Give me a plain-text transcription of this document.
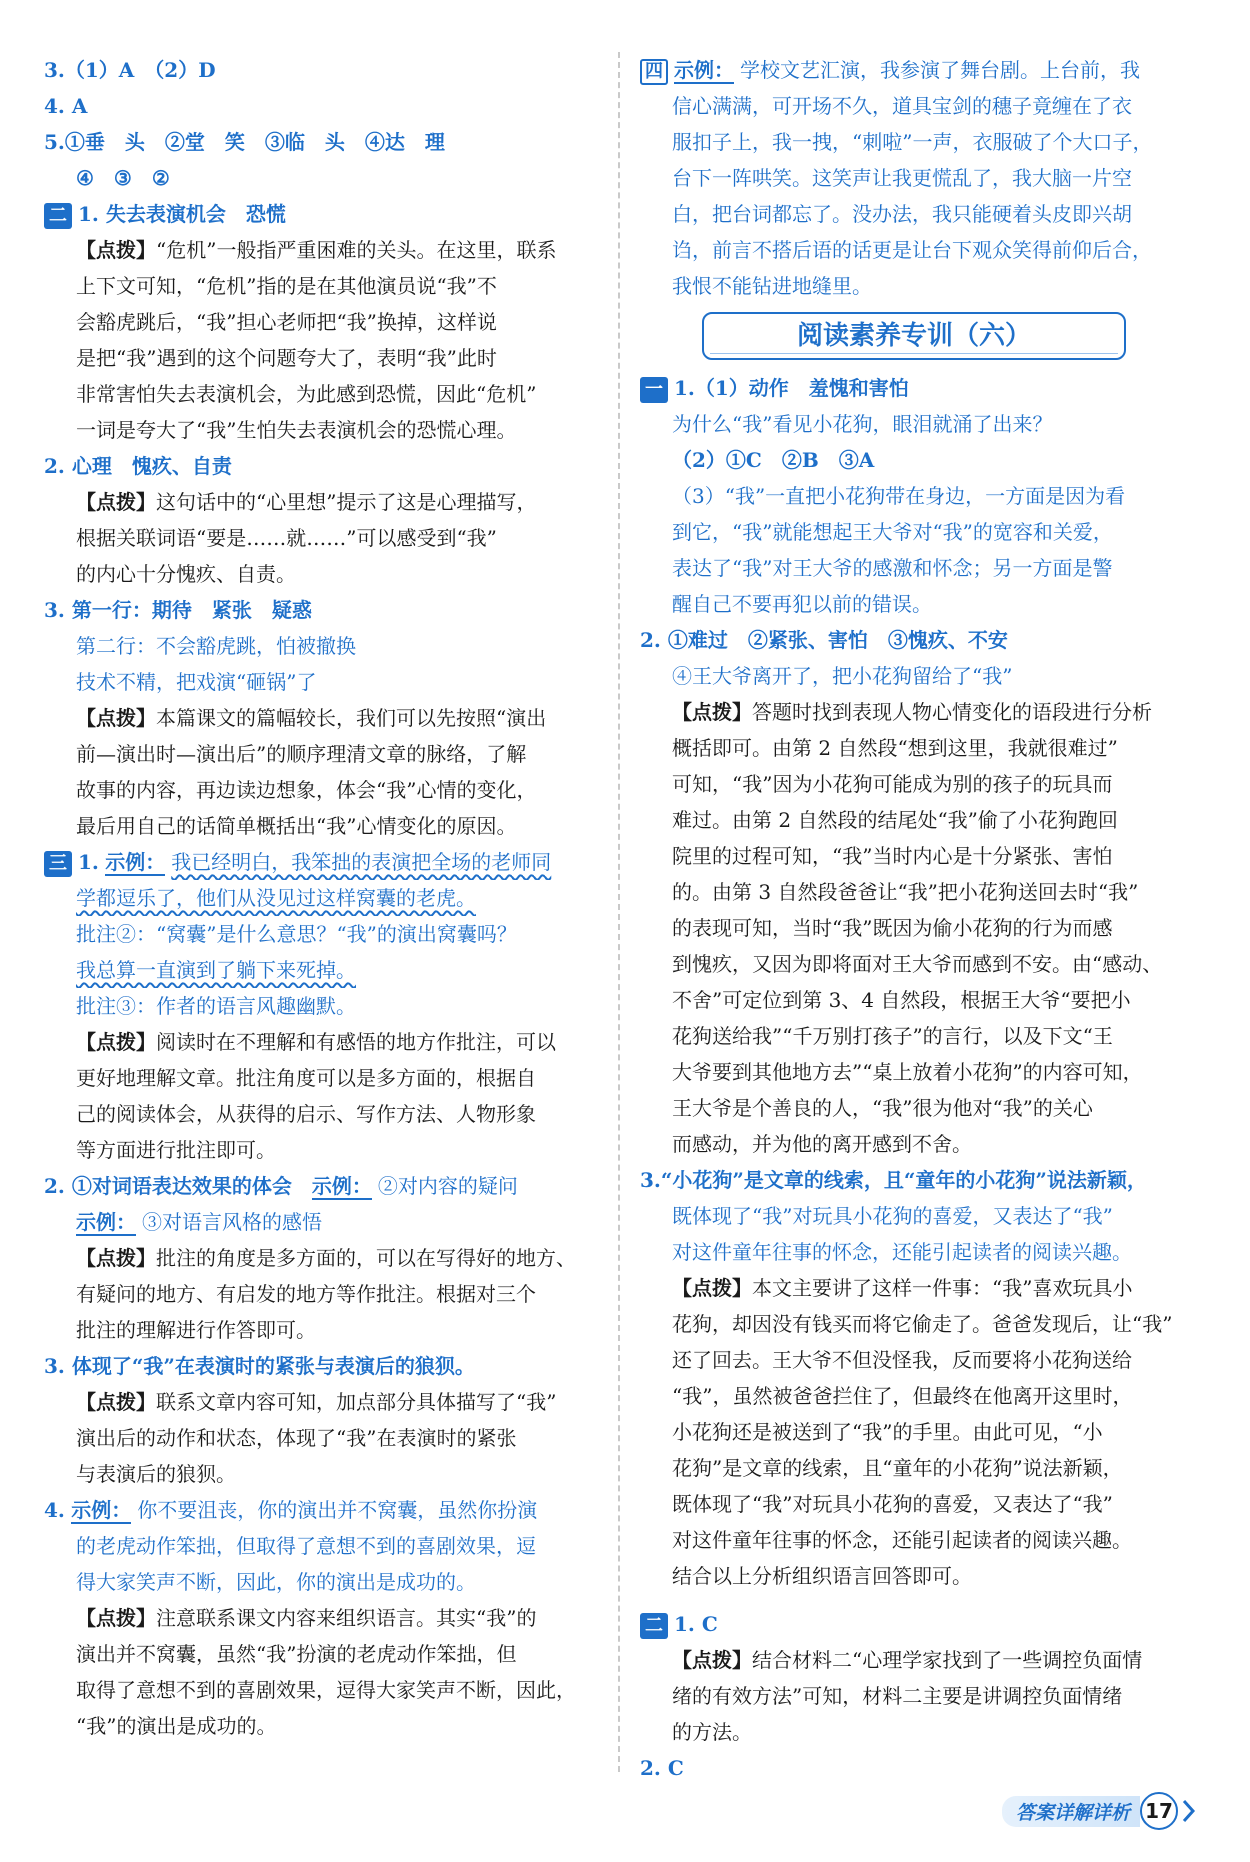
3.（1）A　（2）D
4. A
5.①垂　头　②堂　笑　③临　头　④达　理
④　③　②
二 1. 失去表演机会　恐慌
【点拨】“危机”一般指严重困难的关头。在这里，联系
上下文可知，“危机”指的是在其他演员说“我”不
会豁虎跳后，“我”担心老师把“我”换掉，这样说
是把“我”遇到的这个问题夸大了，表明“我”此时
非常害怕失去表演机会，为此感到恐慌，因此“危机”
一词是夸大了“我”生怕失去表演机会的恐慌心理。
2. 心理　愧疚、自责
【点拨】这句话中的“心里想”提示了这是心理描写，
根据关联词语“要是……就……”可以感受到“我”
的内心十分愧疚、自责。
3. 第一行：期待　紧张　疑惑
第二行：不会豁虎跳，怕被撤换
技术不精，把戏演“砸锅”了
【点拨】本篇课文的篇幅较长，我们可以先按照“演出
前—演出时—演出后”的顺序理清文章的脉络，了解
故事的内容，再边读边想象，体会“我”心情的变化，
最后用自己的话简单概括出“我”心情变化的原因。
三 1. 示例： 我已经明白，我笨拙的表演把全场的老师同
学都逗乐了，他们从没见过这样窝囊的老虎。
批注②：“窝囊”是什么意思？“我”的演出窝囊吗？
我总算一直演到了躺下来死掉。
批注③：作者的语言风趣幽默。
【点拨】阅读时在不理解和有感悟的地方作批注，可以
更好地理解文章。批注角度可以是多方面的，根据自
己的阅读体会，从获得的启示、写作方法、人物形象
等方面进行批注即可。
2. ①对词语表达效果的体会　 示例： ②对内容的疑问
示例： ③对语言风格的感悟
【点拨】批注的角度是多方面的，可以在写得好的地方、
有疑问的地方、有启发的地方等作批注。根据对三个
批注的理解进行作答即可。
3. 体现了“我”在表演时的紧张与表演后的狼狈。
【点拨】联系文章内容可知，加点部分具体描写了“我”
演出后的动作和状态，体现了“我”在表演时的紧张
与表演后的狼狈。
4. 示例： 你不要沮丧，你的演出并不窝囊，虽然你扮演
的老虎动作笨拙，但取得了意想不到的喜剧效果，逗
得大家笑声不断，因此，你的演出是成功的。
【点拨】注意联系课文内容来组织语言。其实“我”的
演出并不窝囊，虽然“我”扮演的老虎动作笨拙，但
取得了意想不到的喜剧效果，逗得大家笑声不断，因此，
“我”的演出是成功的。
四 示例： 学校文艺汇演，我参演了舞台剧。上台前，我
信心满满，可开场不久，道具宝剑的穗子竟缠在了衣
服扣子上，我一拽，“刺啦”一声，衣服破了个大口子，
台下一阵哄笑。这笑声让我更慌乱了，我大脑一片空
白，把台词都忘了。没办法，我只能硬着头皮即兴胡
诌，前言不搭后语的话更是让台下观众笑得前仰后合，
我恨不能钻进地缝里。
阅读素养专训（六）
一 1.（1）动作　羞愧和害怕
为什么“我”看见小花狗，眼泪就涌了出来？
（2）①C　②B　③A
（3）“我”一直把小花狗带在身边，一方面是因为看
到它，“我”就能想起王大爷对“我”的宽容和关爱，
表达了“我”对王大爷的感激和怀念；另一方面是警
醒自己不要再犯以前的错误。
2. ①难过　②紧张、害怕　③愧疚、不安
④王大爷离开了，把小花狗留给了“我”
【点拨】答题时找到表现人物心情变化的语段进行分析
概括即可。由第 2 自然段“想到这里，我就很难过”
可知，“我”因为小花狗可能成为别的孩子的玩具而
难过。由第 2 自然段的结尾处“我”偷了小花狗跑回
院里的过程可知，“我”当时内心是十分紧张、害怕
的。由第 3 自然段爸爸让“我”把小花狗送回去时“我”
的表现可知，当时“我”既因为偷小花狗的行为而感
到愧疚，又因为即将面对王大爷而感到不安。由“感动、
不舍”可定位到第 3、4 自然段，根据王大爷“要把小
花狗送给我”“千万别打孩子”的言行，以及下文“王
大爷要到其他地方去”“桌上放着小花狗”的内容可知，
王大爷是个善良的人，“我”很为他对“我”的关心
而感动，并为他的离开感到不舍。
3.“小花狗”是文章的线索，且“童年的小花狗”说法新颖，
既体现了“我”对玩具小花狗的喜爱，又表达了“我”
对这件童年往事的怀念，还能引起读者的阅读兴趣。
【点拨】本文主要讲了这样一件事：“我”喜欢玩具小
花狗，却因没有钱买而将它偷走了。爸爸发现后，让“我”
还了回去。王大爷不但没怪我，反而要将小花狗送给
“我”，虽然被爸爸拦住了，但最终在他离开这里时，
小花狗还是被送到了“我”的手里。由此可见，“小
花狗”是文章的线索，且“童年的小花狗”说法新颖，
既体现了“我”对玩具小花狗的喜爱，又表达了“我”
对这件童年往事的怀念，还能引起读者的阅读兴趣。
结合以上分析组织语言回答即可。
二 1. C
【点拨】结合材料二“心理学家找到了一些调控负面情
绪的有效方法”可知，材料二主要是讲调控负面情绪
的方法。
2. C
答案详解详析 17
